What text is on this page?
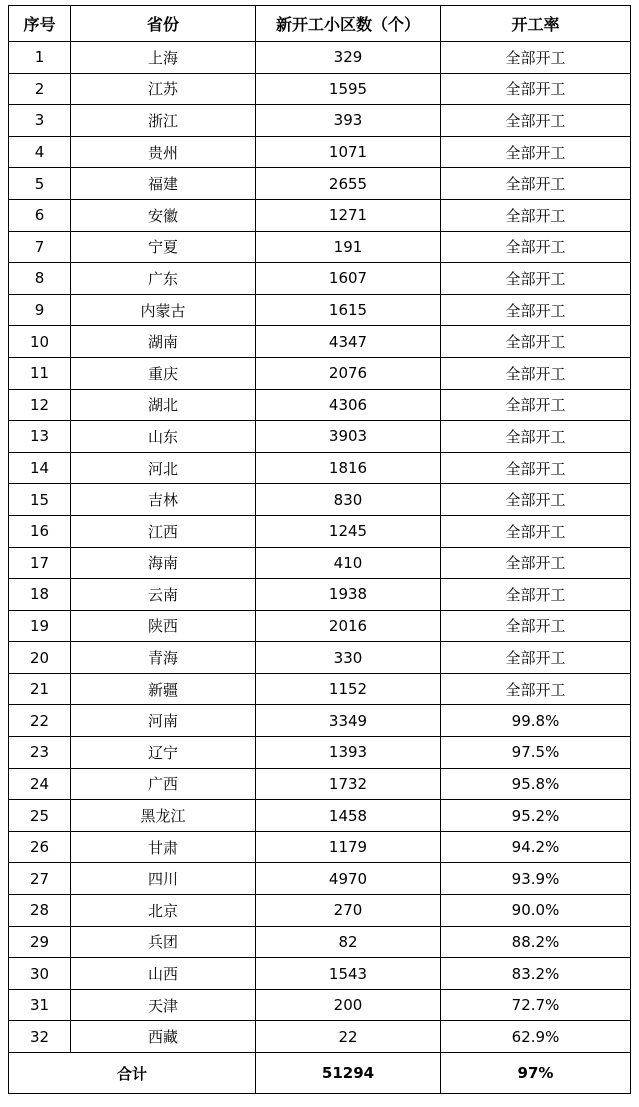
序号	省份	新开工小区数（个）	开工率
1	上海	329	全部开工
2	江苏	1595	全部开工
3	浙江	393	全部开工
4	贵州	1071	全部开工
5	福建	2655	全部开工
6	安徽	1271	全部开工
7	宁夏	191	全部开工
8	广东	1607	全部开工
9	内蒙古	1615	全部开工
10	湖南	4347	全部开工
11	重庆	2076	全部开工
12	湖北	4306	全部开工
13	山东	3903	全部开工
14	河北	1816	全部开工
15	吉林	830	全部开工
16	江西	1245	全部开工
17	海南	410	全部开工
18	云南	1938	全部开工
19	陕西	2016	全部开工
20	青海	330	全部开工
21	新疆	1152	全部开工
22	河南	3349	99.8%
23	辽宁	1393	97.5%
24	广西	1732	95.8%
25	黑龙江	1458	95.2%
26	甘肃	1179	94.2%
27	四川	4970	93.9%
28	北京	270	90.0%
29	兵团	82	88.2%
30	山西	1543	83.2%
31	天津	200	72.7%
32	西藏	22	62.9%
合计		51294	97%
